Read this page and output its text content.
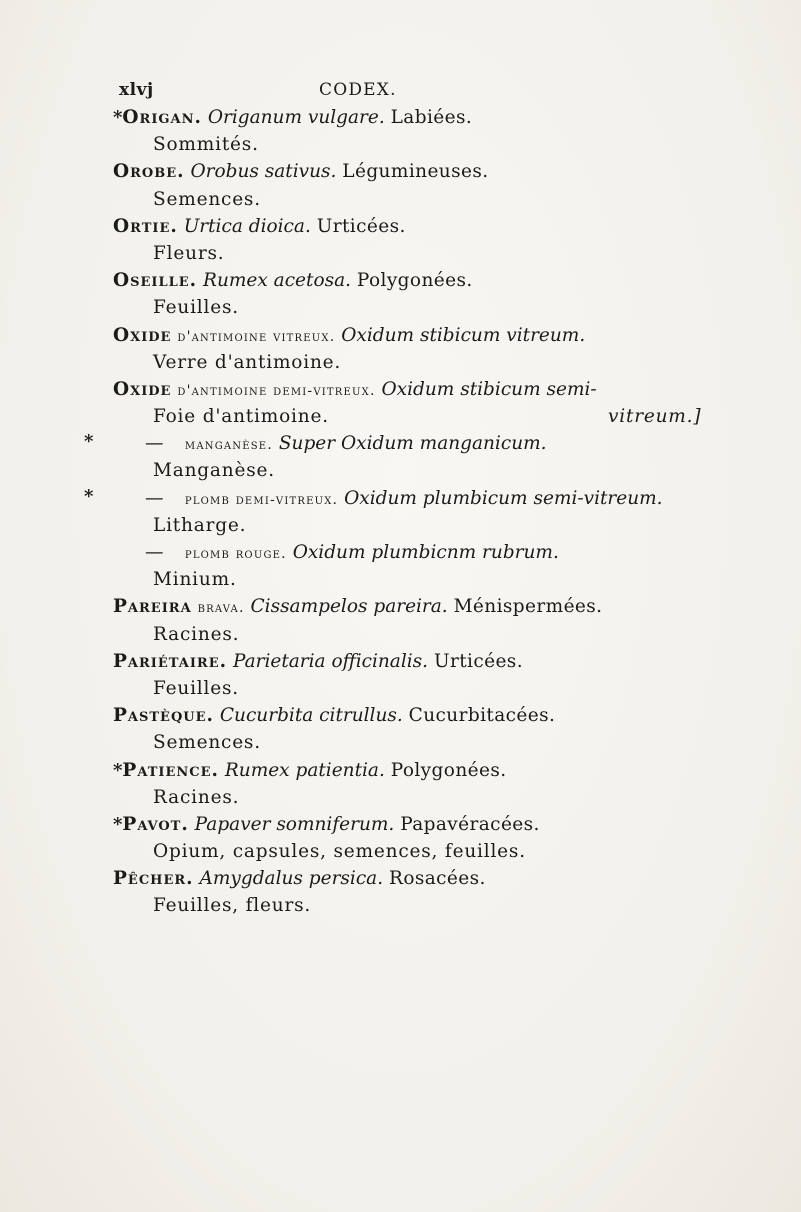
xlvj	CODEX.
*Origan. Origanum vulgare. Labiées.
Sommités.
Orobe. Orobus sativus. Légumineuses.
Semences.
Ortie. Urtica dioica. Urticées.
Fleurs.
Oseille. Rumex acetosa. Polygonées.
Feuilles.
Oxide d'antimoine vitreux. Oxidum stibicum vitreum.
Verre d'antimoine.
Oxide d'antimoine demi-vitreux. Oxidum stibicum semi-
Foie d'antimoine.	vitreum.]
*	— manganèse. Super Oxidum manganicum.
Manganèse.
*	— plomb demi-vitreux. Oxidum plumbicum semi-vitreum.
Litharge.
— plomb rouge. Oxidum plumbicnm rubrum.
Minium.
Pareira brava. Cissampelos pareira. Ménispermées.
Racines.
Pariétaire. Parietaria officinalis. Urticées.
Feuilles.
Pastèque. Cucurbita citrullus. Cucurbitacées.
Semences.
*Patience. Rumex patientia. Polygonées.
Racines.
*Pavot. Papaver somniferum. Papavéracées.
Opium, capsules, semences, feuilles.
Pêcher. Amygdalus persica. Rosacées.
Feuilles, fleurs.
